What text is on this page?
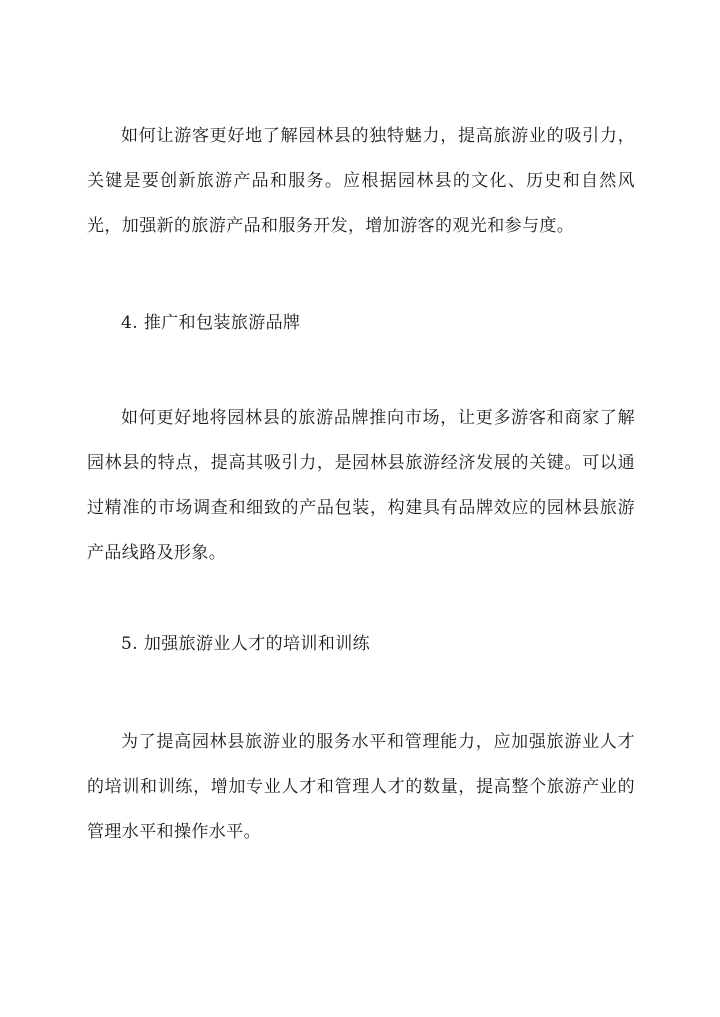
如何让游客更好地了解园林县的独特魅力，提高旅游业的吸引力，关键是要创新旅游产品和服务。应根据园林县的文化、历史和自然风光，加强新的旅游产品和服务开发，增加游客的观光和参与度。

4. 推广和包装旅游品牌

如何更好地将园林县的旅游品牌推向市场，让更多游客和商家了解园林县的特点，提高其吸引力，是园林县旅游经济发展的关键。可以通过精准的市场调查和细致的产品包装，构建具有品牌效应的园林县旅游产品线路及形象。

5. 加强旅游业人才的培训和训练

为了提高园林县旅游业的服务水平和管理能力，应加强旅游业人才的培训和训练，增加专业人才和管理人才的数量，提高整个旅游产业的管理水平和操作水平。
